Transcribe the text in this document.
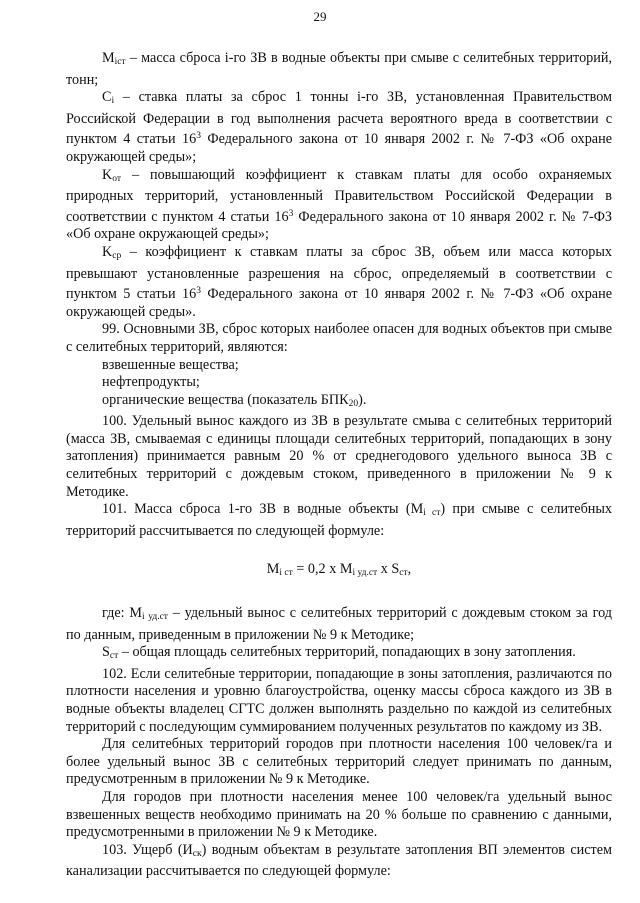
29

$M_{iст}$ – масса сброса i-го ЗВ в водные объекты при смыве с селитебных территорий, тонн;

$C_i$ – ставка платы за сброс 1 тонны i-го ЗВ, установленная Правительством Российской Федерации в год выполнения расчета вероятного вреда в соответствии с пунктом 4 статьи $16^3$ Федерального закона от 10 января 2002 г. № 7-ФЗ «Об охране окружающей среды»;

$K_{от}$ – повышающий коэффициент к ставкам платы для особо охраняемых природных территорий, установленный Правительством Российской Федерации в соответствии с пунктом 4 статьи $16^3$ Федерального закона от 10 января 2002 г. № 7-ФЗ «Об охране окружающей среды»;

$K_{ср}$ – коэффициент к ставкам платы за сброс ЗВ, объем или масса которых превышают установленные разрешения на сброс, определяемый в соответствии с пунктом 5 статьи $16^3$ Федерального закона от 10 января 2002 г. № 7-ФЗ «Об охране окружающей среды».

99. Основными ЗВ, сброс которых наиболее опасен для водных объектов при смыве с селитебных территорий, являются:

взвешенные вещества;

нефтепродукты;

органические вещества (показатель $БПК_{20}$).

100. Удельный вынос каждого из ЗВ в результате смыва с селитебных территорий (масса ЗВ, смываемая с единицы площади селитебных территорий, попадающих в зону затопления) принимается равным 20 % от среднегодового удельного выноса ЗВ с селитебных территорий с дождевым стоком, приведенного в приложении № 9 к Методике.

101. Масса сброса 1-го ЗВ в водные объекты $(M_{i ст})$ при смыве с селитебных территорий рассчитывается по следующей формуле:

$M_{i ст} = 0,2$ x $M_{i уд.ст}$ x $S_{ст}$,

где: $M_{i уд.ст}$ – удельный вынос с селитебных территорий с дождевым стоком за год по данным, приведенным в приложении № 9 к Методике;

$S_{ст}$ – общая площадь селитебных территорий, попадающих в зону затопления.

102. Если селитебные территории, попадающие в зоны затопления, различаются по плотности населения и уровню благоустройства, оценку массы сброса каждого из ЗВ в водные объекты владелец СГТС должен выполнять раздельно по каждой из селитебных территорий с последующим суммированием полученных результатов по каждому из ЗВ.

Для селитебных территорий городов при плотности населения 100 человек/га и более удельный вынос ЗВ с селитебных территорий следует принимать по данным, предусмотренным в приложении № 9 к Методике.

Для городов при плотности населения менее 100 человек/га удельный вынос взвешенных веществ необходимо принимать на 20 % больше по сравнению с данными, предусмотренными в приложении № 9 к Методике.

103. Ущерб $(И_{ск})$ водным объектам в результате затопления ВП элементов систем канализации рассчитывается по следующей формуле:
